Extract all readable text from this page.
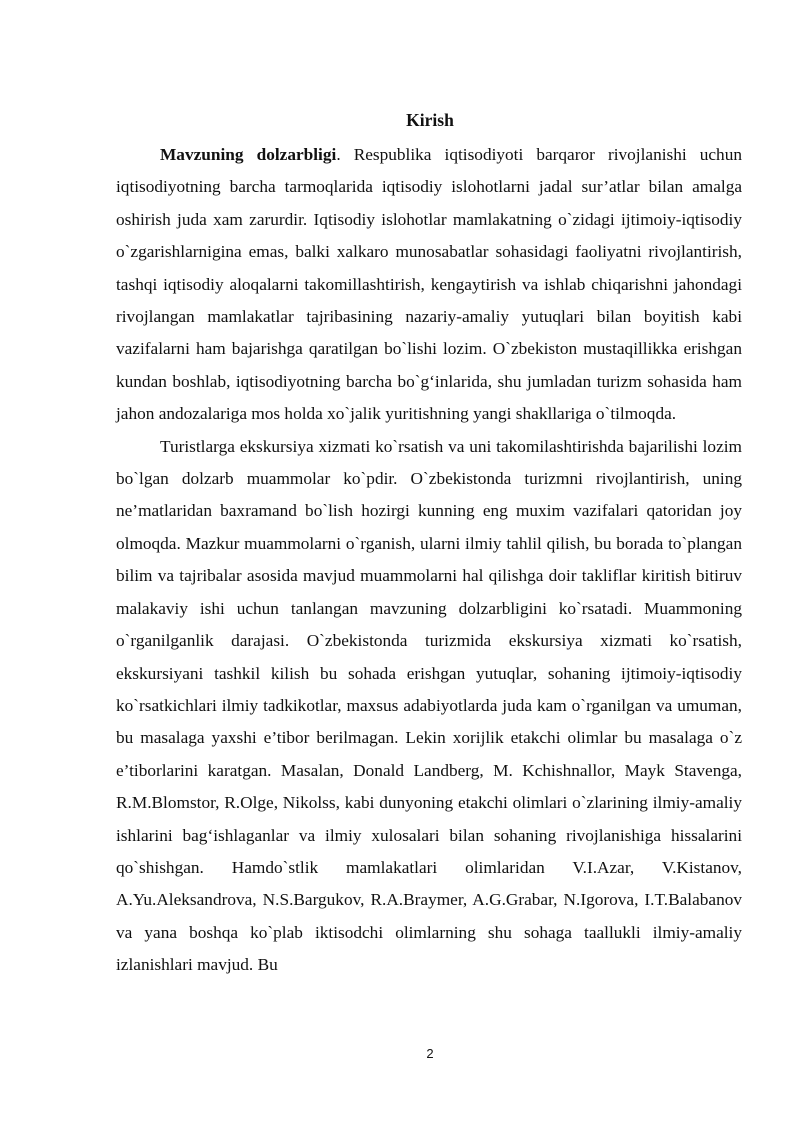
Kirish

Mavzuning dolzarbligi. Respublika iqtisodiyoti barqaror rivojlanishi uchun iqtisodiyotning barcha tarmoqlarida iqtisodiy islohotlarni jadal sur’atlar bilan amalga oshirish juda xam zarurdir. Iqtisodiy islohotlar mamlakatning o`zidagi ijtimoiy-iqtisodiy o`zgarishlarnigina emas, balki xalkaro munosabatlar sohasidagi faoliyatni rivojlantirish, tashqi iqtisodiy aloqalarni takomillashtirish, kengaytirish va ishlab chiqarishni jahondagi rivojlangan mamlakatlar tajribasining nazariy-amaliy yutuqlari bilan boyitish kabi vazifalarni ham bajarishga qaratilgan bo`lishi lozim. O`zbekiston mustaqillikka erishgan kundan boshlab, iqtisodiyotning barcha bo`g‘inlarida, shu jumladan turizm sohasida ham jahon andozalariga mos holda xo`jalik yuritishning yangi shakllariga o`tilmoqda.

Turistlarga ekskursiya xizmati ko`rsatish va uni takomilashtirishda bajarilishi lozim bo`lgan dolzarb muammolar ko`pdir. O`zbekistonda turizmni rivojlantirish, uning ne’matlaridan baxramand bo`lish hozirgi kunning eng muxim vazifalari qatoridan joy olmoqda. Mazkur muammolarni o`rganish, ularni ilmiy tahlil qilish, bu borada to`plangan bilim va tajribalar asosida mavjud muammolarni hal qilishga doir takliflar kiritish bitiruv malakaviy ishi uchun tanlangan mavzuning dolzarbligini ko`rsatadi. Muammoning o`rganilganlik darajasi. O`zbekistonda turizmida ekskursiya xizmati ko`rsatish, ekskursiyani tashkil kilish bu sohada erishgan yutuqlar, sohaning ijtimoiy-iqtisodiy ko`rsatkichlari ilmiy tadkikotlar, maxsus adabiyotlarda juda kam o`rganilgan va umuman, bu masalaga yaxshi e’tibor berilmagan. Lekin xorijlik etakchi olimlar bu masalaga o`z e’tiborlarini karatgan. Masalan, Donald Landberg, M. Kchishnallor, Mayk Stavenga, R.M.Blomstor, R.Olge, Nikolss, kabi dunyoning etakchi olimlari o`zlarining ilmiy-amaliy ishlarini bag‘ishlaganlar va ilmiy xulosalari bilan sohaning rivojlanishiga hissalarini qo`shishgan. Hamdo`stlik mamlakatlari olimlaridan V.I.Azar, V.Kistanov, A.Yu.Aleksandrova, N.S.Bargukov, R.A.Braymer, A.G.Grabar, N.Igorova, I.T.Balabanov va yana boshqa ko`plab iktisodchi olimlarning shu sohaga taallukli ilmiy-amaliy izlanishlari mavjud. Bu

2
